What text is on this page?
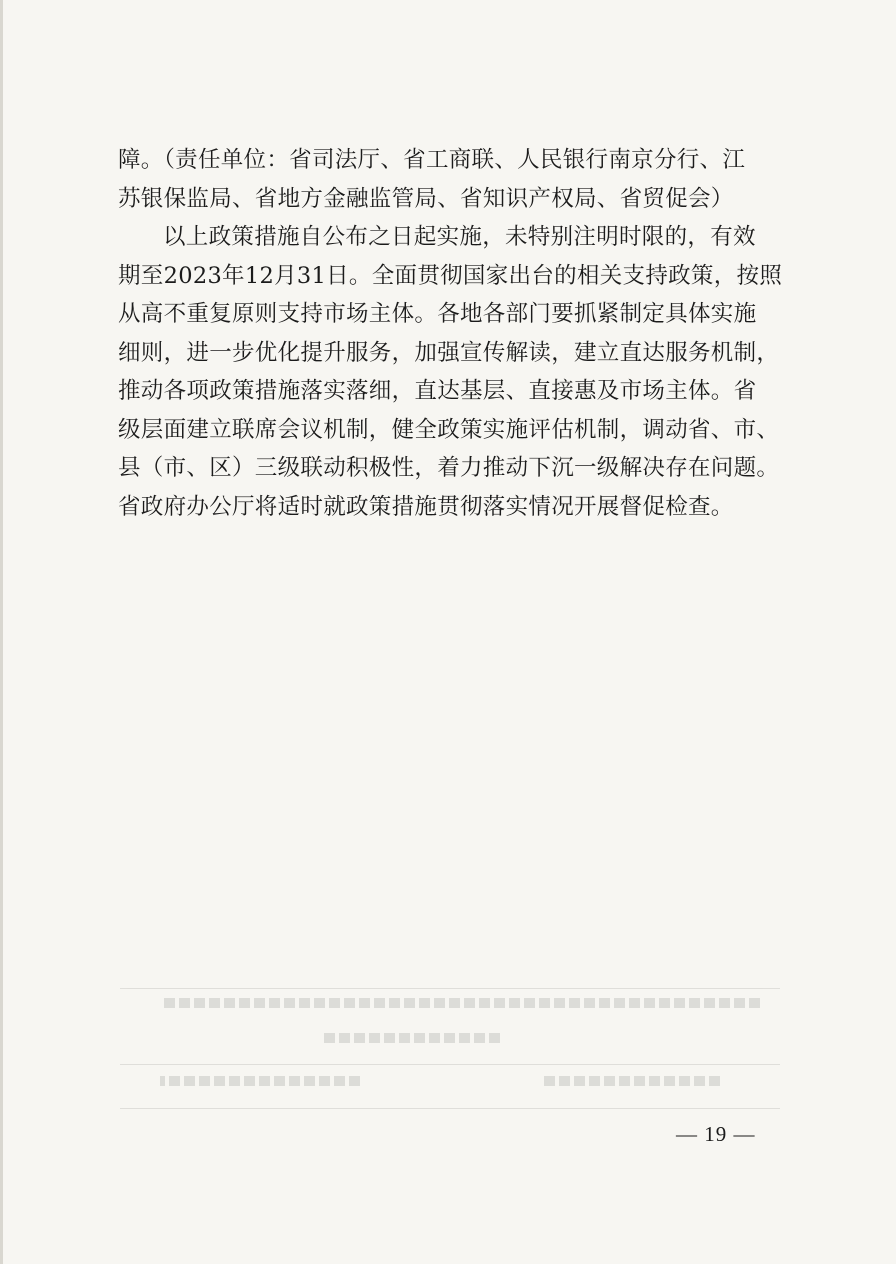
障。（责任单位：省司法厅、省工商联、人民银行南京分行、江
苏银保监局、省地方金融监管局、省知识产权局、省贸促会）
以上政策措施自公布之日起实施，未特别注明时限的，有效
期至2023年12月31日。全面贯彻国家出台的相关支持政策，按照
从高不重复原则支持市场主体。各地各部门要抓紧制定具体实施
细则，进一步优化提升服务，加强宣传解读，建立直达服务机制，
推动各项政策措施落实落细，直达基层、直接惠及市场主体。省
级层面建立联席会议机制，健全政策实施评估机制，调动省、市、
县（市、区）三级联动积极性，着力推动下沉一级解决存在问题。
省政府办公厅将适时就政策措施贯彻落实情况开展督促检查。
— 19 —
